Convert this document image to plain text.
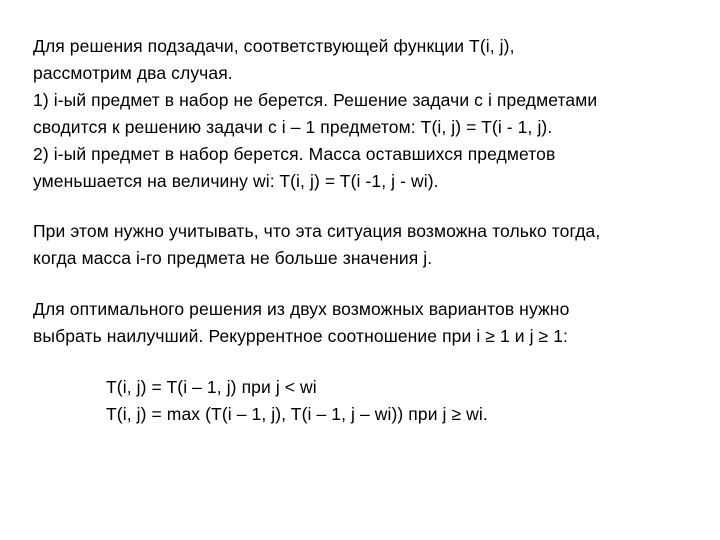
Для решения подзадачи, соответствующей функции T(i, j),

рассмотрим два случая.

1) i-ый предмет в набор не берется. Решение задачи с i предметами

сводится к решению задачи с i – 1 предметом: T(i, j) = T(i - 1, j).

2) i-ый предмет в набор берется. Масса оставшихся предметов

уменьшается на величину wi: T(i, j) = T(i -1, j - wi).

При этом нужно учитывать, что эта ситуация возможна только тогда,

когда масса i-го предмета не больше значения j.

Для оптимального решения из двух возможных вариантов нужно

выбрать наилучший. Рекуррентное соотношение при i ≥ 1 и j ≥ 1:

T(i, j) = T(i – 1, j) при j < wi

T(i, j) = max (T(i – 1, j), T(i – 1, j – wi)) при j ≥ wi.
